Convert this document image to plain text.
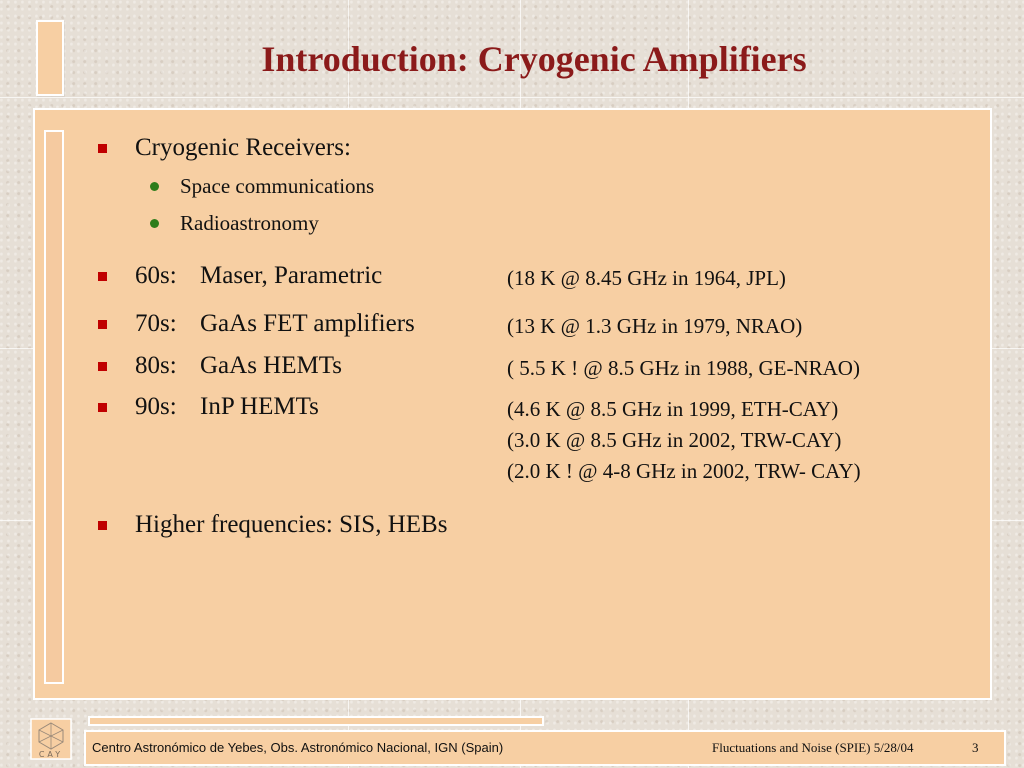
Introduction: Cryogenic Amplifiers
Cryogenic Receivers:
Space communications
Radioastronomy
60s: Maser, Parametric	(18 K @ 8.45 GHz in 1964, JPL)
70s: GaAs FET amplifiers	(13 K @ 1.3 GHz in 1979, NRAO)
80s: GaAs HEMTs	( 5.5 K ! @ 8.5 GHz in 1988, GE-NRAO)
90s: InP HEMTs	(4.6 K @ 8.5 GHz in 1999, ETH-CAY)
(3.0 K @ 8.5 GHz in 2002, TRW-CAY)
(2.0 K ! @ 4-8 GHz in 2002, TRW- CAY)
Higher frequencies: SIS, HEBs
CAY Centro Astronómico de Yebes, Obs. Astronómico Nacional, IGN (Spain)	Fluctuations and Noise (SPIE) 5/28/04	3
